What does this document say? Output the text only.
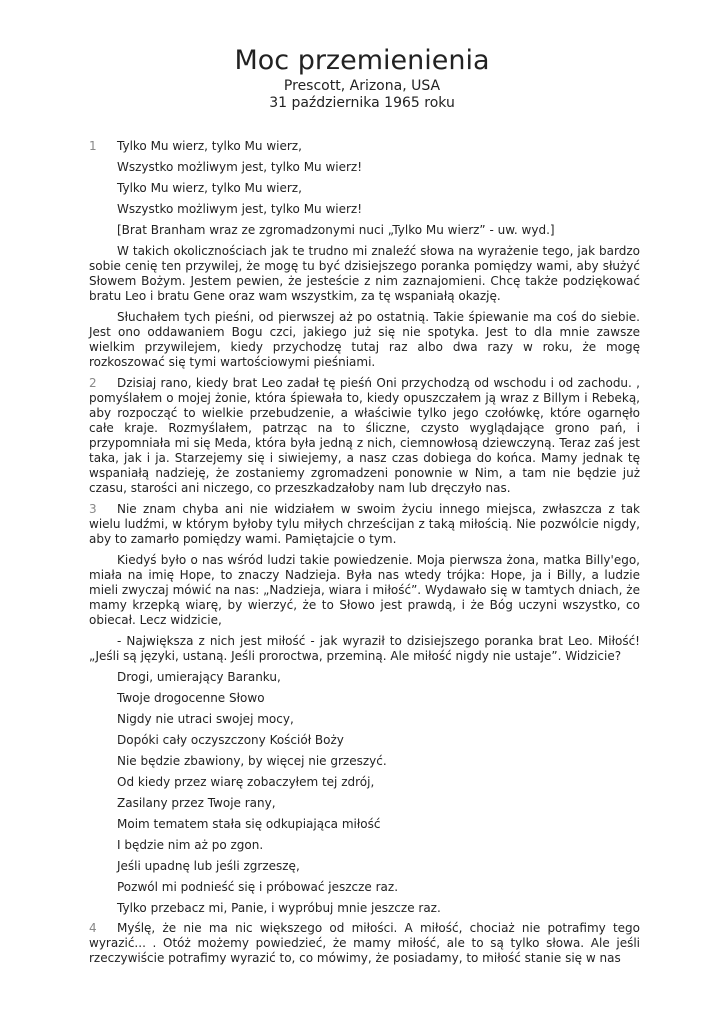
Moc przemienienia
Prescott, Arizona, USA
31 października 1965 roku
1	Tylko Mu wierz, tylko Mu wierz,
Wszystko możliwym jest, tylko Mu wierz!
Tylko Mu wierz, tylko Mu wierz,
Wszystko możliwym jest, tylko Mu wierz!
[Brat Branham wraz ze zgromadzonymi nuci „Tylko Mu wierz” - uw. wyd.]

W takich okolicznościach jak te trudno mi znaleźć słowa na wyrażenie tego, jak bardzo sobie cenię ten przywilej, że mogę tu być dzisiejszego poranka pomiędzy wami, aby służyć Słowem Bożym. Jestem pewien, że jesteście z nim zaznajomieni. Chcę także podziękować bratu Leo i bratu Gene oraz wam wszystkim, za tę wspaniałą okazję.

Słuchałem tych pieśni, od pierwszej aż po ostatnią. Takie śpiewanie ma coś do siebie. Jest ono oddawaniem Bogu czci, jakiego już się nie spotyka. Jest to dla mnie zawsze wielkim przywilejem, kiedy przychodzę tutaj raz albo dwa razy w roku, że mogę rozkoszować się tymi wartościowymi pieśniami.

2 Dzisiaj rano, kiedy brat Leo zadał tę pieśń Oni przychodzą od wschodu i od zachodu. , pomyślałem o mojej żonie, która śpiewała to, kiedy opuszczałem ją wraz z Billym i Rebeką, aby rozpocząć to wielkie przebudzenie, a właściwie tylko jego czołówkę, które ogarnęło całe kraje. Rozmyślałem, patrząc na to śliczne, czysto wyglądające grono pań, i przypomniała mi się Meda, która była jedną z nich, ciemnowłosą dziewczyną. Teraz zaś jest taka, jak i ja. Starzejemy się i siwiejemy, a nasz czas dobiega do końca. Mamy jednak tę wspaniałą nadzieję, że zostaniemy zgromadzeni ponownie w Nim, a tam nie będzie już czasu, starości ani niczego, co przeszkadzałoby nam lub dręczyło nas.

3 Nie znam chyba ani nie widziałem w swoim życiu innego miejsca, zwłaszcza z tak wielu ludźmi, w którym byłoby tylu miłych chrześcijan z taką miłością. Nie pozwólcie nigdy, aby to zamarło pomiędzy wami. Pamiętajcie o tym.

Kiedyś było o nas wśród ludzi takie powiedzenie. Moja pierwsza żona, matka Billy'ego, miała na imię Hope, to znaczy Nadzieja. Była nas wtedy trójka: Hope, ja i Billy, a ludzie mieli zwyczaj mówić na nas: „Nadzieja, wiara i miłość”. Wydawało się w tamtych dniach, że mamy krzepką wiarę, by wierzyć, że to Słowo jest prawdą, i że Bóg uczyni wszystko, co obiecał. Lecz widzicie,

- Największa z nich jest miłość - jak wyraził to dzisiejszego poranka brat Leo. Miłość! „Jeśli są języki, ustaną. Jeśli proroctwa, przeminą. Ale miłość nigdy nie ustaje”. Widzicie?

Drogi, umierający Baranku,
Twoje drogocenne Słowo
Nigdy nie utraci swojej mocy,
Dopóki cały oczyszczony Kościół Boży
Nie będzie zbawiony, by więcej nie grzeszyć.
Od kiedy przez wiarę zobaczyłem tej zdrój,
Zasilany przez Twoje rany,
Moim tematem stała się odkupiająca miłość
I będzie nim aż po zgon.
Jeśli upadnę lub jeśli zgrzeszę,
Pozwól mi podnieść się i próbować jeszcze raz.
Tylko przebacz mi, Panie, i wypróbuj mnie jeszcze raz.

4 Myślę, że nie ma nic większego od miłości. A miłość, chociaż nie potrafimy tego wyrazić... . Otóż możemy powiedzieć, że mamy miłość, ale to są tylko słowa. Ale jeśli rzeczywiście potrafimy wyrazić to, co mówimy, że posiadamy, to miłość stanie się w nas
